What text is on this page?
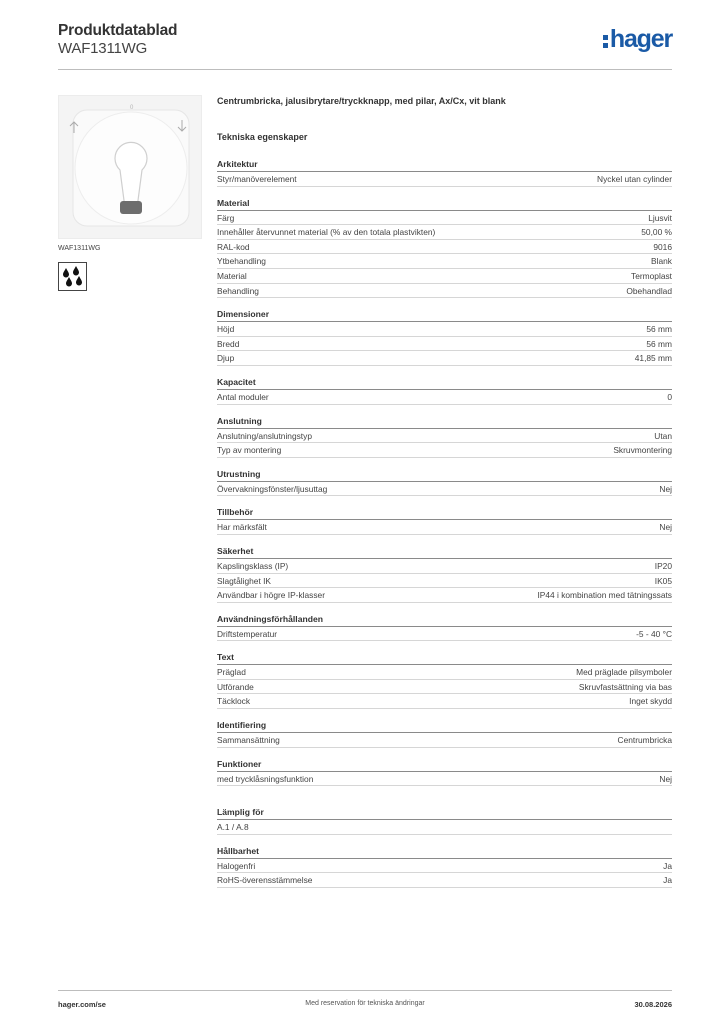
Produktdatablad
WAF1311WG	hager
0
WAF1311WG
Centrumbricka, jalusibrytare/tryckknapp, med pilar, Ax/Cx, vit blank
Tekniska egenskaper
Arkitektur
Styr/manöverelement	Nyckel utan cylinder
Material
Färg	Ljusvit
Innehåller återvunnet material (% av den totala plastvikten)	50,00 %
RAL-kod	9016
Ytbehandling	Blank
Material	Termoplast
Behandling	Obehandlad
Dimensioner
Höjd	56 mm
Bredd	56 mm
Djup	41,85 mm
Kapacitet
Antal moduler	0
Anslutning
Anslutning/anslutningstyp	Utan
Typ av montering	Skruvmontering
Utrustning
Övervakningsfönster/ljusuttag	Nej
Tillbehör
Har märksfält	Nej
Säkerhet
Kapslingsklass (IP)	IP20
Slagtålighet IK	IK05
Användbar i högre IP-klasser	IP44 i kombination med tätningssats
Användningsförhållanden
Driftstemperatur	-5 - 40 °C
Text
Präglad	Med präglade pilsymboler
Utförande	Skruvfastsättning via bas
Täcklock	Inget skydd
Identifiering
Sammansättning	Centrumbricka
Funktioner
med trycklåsningsfunktion	Nej
Lämplig för
A.1 / A.8
Hållbarhet
Halogenfri	Ja
RoHS-överensstämmelse	Ja
hager.com/se	Med reservation för tekniska ändringar	30.08.2026
